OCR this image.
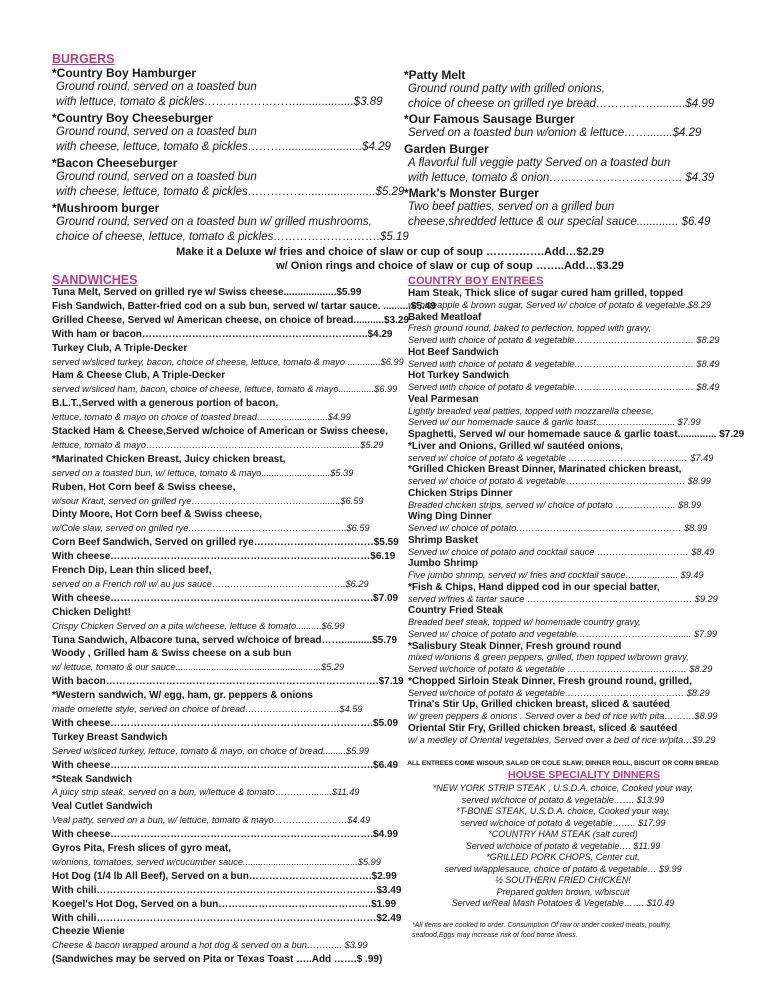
BURGERS
*Country Boy Hamburger
Ground round, served on a toasted bun
with lettuce, tomato & pickles……………………..................$3.89
*Country Boy Cheeseburger
Ground round, served on a toasted bun
with cheese, lettuce, tomato & pickles……….........................$4.29
*Bacon Cheeseburger
Ground round, served on a toasted bun
with cheese, lettuce, tomato & pickles……………......................$5.29
*Mushroom burger
Ground round, served on a toasted bun w/ grilled mushrooms,
choice of cheese, lettuce, tomato & pickles……………………….$5.19
*Patty Melt
Ground round patty with grilled onions,
choice of cheese on grilled rye bread……………..........$4.99
*Our Famous Sausage Burger
Served on a toasted bun w/onion & lettuce……........$4.29
Garden Burger
A flavorful full veggie patty Served on a toasted bun
with lettuce, tomato & onion…………………………….. $4.39
*Mark's Monster Burger
Two beef patties, served on a grilled bun
cheese,shredded lettuce & our special sauce............. $6.49
Make it a Deluxe w/ fries and choice of slaw or cup of soup …………….Add…$2.29
w/ Onion rings and choice of slaw or cup of soup ……..Add…$3.29
SANDWICHES
Tuna Melt, Served on grilled rye w/ Swiss cheese...................$5.99
Fish Sandwich, Batter-fried cod on a sub bun, served w/ tartar sauce. ..........$5.49
Grilled Cheese, Served w/ American cheese, on choice of bread...........$3.29
With ham or bacon…………………………………………………………..$4.29
Turkey Club, A Triple-Decker
served w/sliced turkey, bacon, choice of cheese, lettuce, tomato & mayo .............$6.99
Ham & Cheese Club, A Triple-Decker
served w/sliced ham, bacon, choice of cheese, lettuce, tomato & mayo..............$6.99
B.L.T.,Served with a generous portion of bacon,
lettuce, tomato & mayo on choice of toasted bread……….................$4.99
Stacked Ham & Cheese,Served w/choice of American or Swiss cheese,
lettuce, tomato & mayo……………………………………………………............$5.29
*Marinated Chicken Breast, Juicy chicken breast,
served on a toasted bun, w/ lettuce, tomato & mayo...........................$5.39
Ruben, Hot Corn beef & Swiss cheese,
w/sour Kraut, served on grilled rye……………………………………........$6.59
Dinty Moore, Hot Corn beef & Swiss cheese,
w/Cole slaw, served on grilled rye………………………………………........$6.59
Corn Beef Sandwich, Served on grilled rye………………………………$5.59
With cheese……………………………………………………………………$6.19
French Dip, Lean thin sliced beef,
served on a French roll w/ au jus sauce……………………………………..$6.29
With cheese…………………………………………………………………….$7.09
Chicken Delight!
Crispy Chicken Served on a pita w/cheese, lettuce & tomato..........$6.99
Tuna Sandwich, Albacore tuna, served w/choice of bread……...........$5.79
Woody , Grilled ham & Swiss cheese on a sub bun
w/ lettuce, tomato & our sauce.........................................................$5.29
With bacon……………………………………………………………………….$7.19
*Western sandwich, W/ egg, ham, gr. peppers & onions
made omelette style, served on choice of bread………………………….$4.59
With cheese…………………………………………………………………….$5.09
Turkey Breast Sandwich
Served w/sliced turkey, lettuce, tomato & mayo, on choice of bread.........$5.99
With cheese…………………………………………………………………….$6.49
*Steak Sandwich
A juicy strip steak, served on a bun, w/lettuce & tomato…………........$11.49
Veal Cutlet Sandwich
Veal patty, served on a bun, w/ lettuce, tomato & mayo……………………$4.49
With cheese…………………………………………………………………….$4.99
Gyros Pita, Fresh slices of gyro meat,
w/onions, tomatoes, served w/cucumber sauce.............................................$5.99
Hot Dog (1/4 lb All Beef), Served on a bun……………………………….$2.99
With chili…………………………………………………………………………$3.49
Koegel's Hot Dog, Served on a bun……………………………………….$1.99
With chili…………………………………………………………………………$2.49
Cheezie Wienie
Cheese & bacon wrapped around a hot dog & served on a bun………... $3.99
(Sandwiches may be served on Pita or Texas Toast …..Add …….$ .99)
COUNTRY BOY ENTREES
Ham Steak, Thick slice of sugar cured ham grilled, topped
w/ pineapple & brown sugar, Served w/ choice of potato & vegetable.$8.29
Baked Meatloaf
Fresh ground round, baked to perfection, topped with gravy,
Served with choice of potato & vegetable………………………………… $8.29
Hot Beef Sandwich
Served with choice of potato & vegetable………………………………… $8.49
Hot Turkey Sandwich
Served with choice of potato & vegetable………………………………… $8.49
Veal Parmesan
Lightly breaded veal patties, topped with mozzarella cheese,
Served w/ our homemade sauce & garlic toast……………............. $7.99
Spaghetti, Served w/ our homemade sauce & garlic toast.............. $7.29
*Liver and Onions, Grilled w/ sautéed onions,
served w/ choice of potato & vegetable ………………………………… $7.49
*Grilled Chicken Breast Dinner, Marinated chicken breast,
served w/ choice of potato & vegetable………………………………… $8.99
Chicken Strips Dinner
Breaded chicken strips, served w/ choice of potato ……………….. $8.99
Wing Ding Dinner
Served w/ choice of potato……………………………………………… $8.99
Shrimp Basket
Served w/ choice of potato and cocktail sauce ………………………… $8.49
Jumbo Shrimp
Five jumbo shrimp, served w/ fries and cocktail sauce…................. $9.49
*Fish & Chips, Hand dipped cod in our special batter,
served w/fries & tartar sauce ……………………………………………… $9.29
Country Fried Steak
Breaded beef steak, topped w/ homemade country gravy,
Served w/ choice of potato and vegetable…………………………......... $7.99
*Salisbury Steak Dinner, Fresh ground round
mixed w/onions & green peppers, grilled, then topped w/brown gravy,
Served w/choice of potato & vegetable ………………………………… $8.29
*Chopped Sirloin Steak Dinner, Fresh ground round, grilled,
Served w/choice of potato & vegetable………………………………… $8.29
Trina's Stir Up, Grilled chicken breast, sliced & sautéed
w/ green peppers & onions . Served over a bed of rice w/th pita……….$8.99
Oriental Stir Fry, Grilled chicken breast, sliced & sautéed
w/ a medley of Oriental vegetables, Served over a bed of rice w/pita…$9.29
ALL ENTREES COME W/SOUP, SALAD OR COLE SLAW; DINNER ROLL, BISCUIT OR CORN BREAD
HOUSE SPECIALITY DINNERS
*NEW YORK STRIP STEAK , U.S.D.A. choice, Cooked your way,
served w/choice of potato & vegetable……. $13.99
*T-BONE STEAK, U.S.D.A. choice, Cooked your way,
served w/choice of potato & vegetable…….. $17.99
*COUNTRY HAM STEAK (salt cured)
Served w/choice of potato & vegetable…. $11.99
*GRILLED PORK CHOPS, Center cut,
served w/applesauce, choice of potato & vegetable… $9.99
½ SOUTHERN FRIED CHICKEN!
Prepared golden brown, w/biscuit
Served w/Real Mash Potatoes & Vegetable……. $10.49
*All items are cooked to order. Consumption Of raw or under cooked meats, poultry,
seafood,Eggs may increase risk of food borne illness.
